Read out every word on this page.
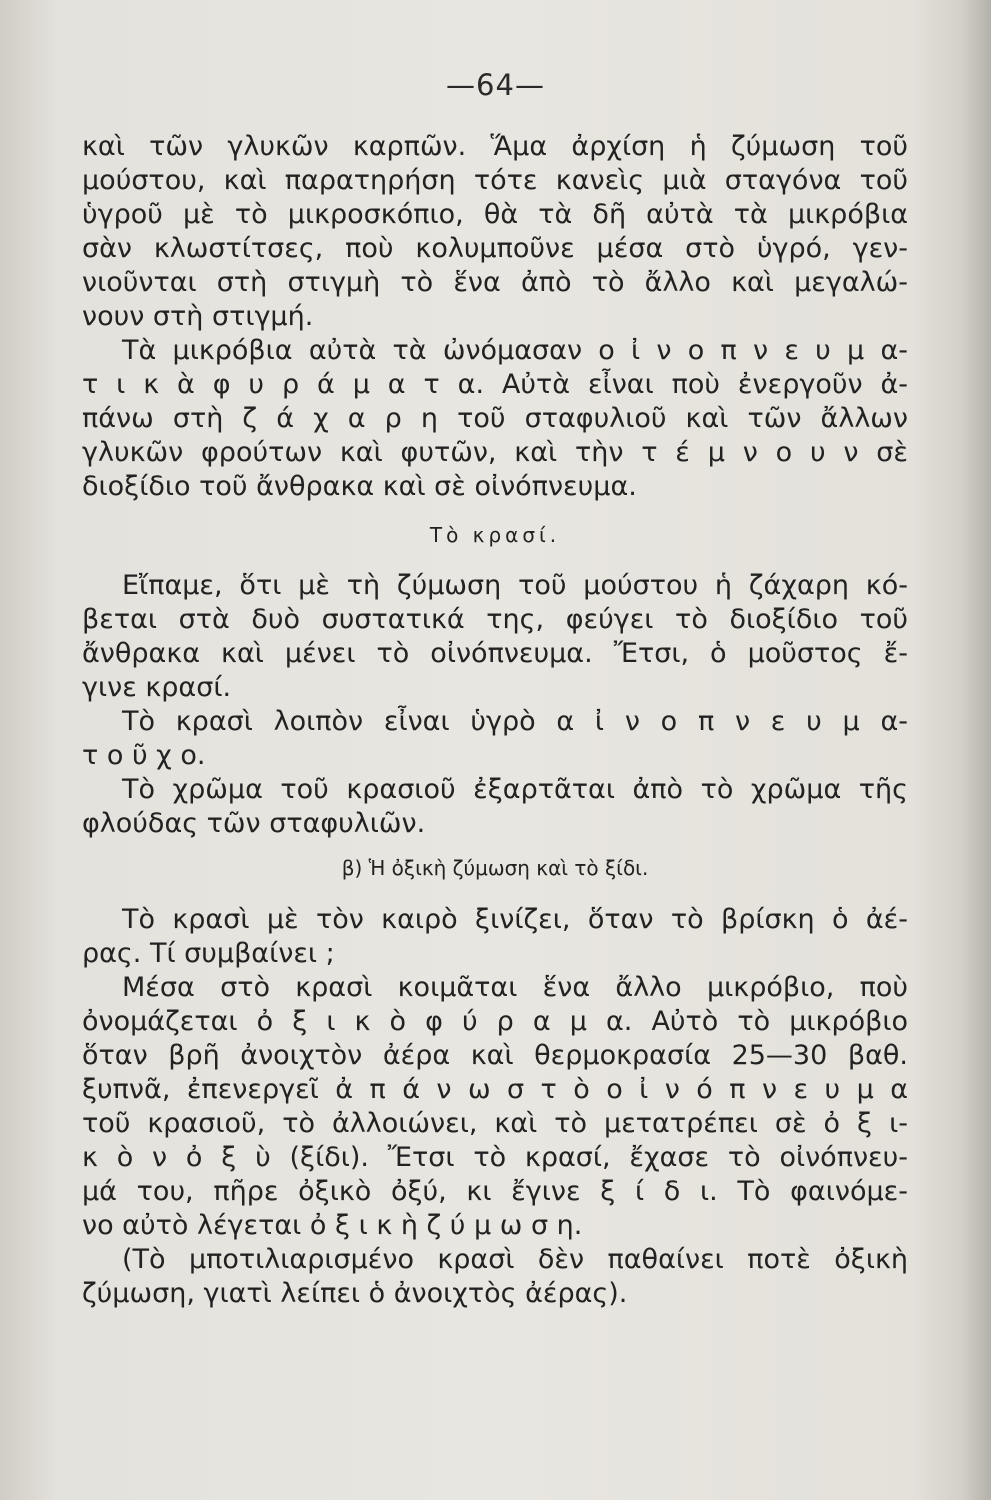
—64—
καὶ τῶν γλυκῶν καρπῶν. Ἅμα ἀρχίση ἡ ζύμωση τοῦ
μούστου, καὶ παρατηρήση τότε κανεὶς μιὰ σταγόνα τοῦ
ὑγροῦ μὲ τὸ μικροσκόπιο, θὰ τὰ δῆ αὐτὰ τὰ μικρόβια
σὰν κλωστίτσες, ποὺ κολυμποῦνε μέσα στὸ ὑγρό, γεν-
νιοῦνται στὴ στιγμὴ τὸ ἕνα ἀπὸ τὸ ἄλλο καὶ μεγαλώ-
νουν στὴ στιγμή.
Τὰ μικρόβια αὐτὰ τὰ ὠνόμασαν ο ἰ ν ο π ν ε υ μ α-
τ ι κ ὰ φ υ ρ ά μ α τ α. Αὐτὰ εἶναι ποὺ ἐνεργοῦν ἀ-
πάνω στὴ ζ ά χ α ρ η τοῦ σταφυλιοῦ καὶ τῶν ἄλλων
γλυκῶν φρούτων καὶ φυτῶν, καὶ τὴν τ έ μ ν ο υ ν σὲ
διοξίδιο τοῦ ἄνθρακα καὶ σὲ οἰνόπνευμα.
Τὸ κρασί.
Εἴπαμε, ὅτι μὲ τὴ ζύμωση τοῦ μούστου ἡ ζάχαρη κό-
βεται στὰ δυὸ συστατικά της, φεύγει τὸ διοξίδιο τοῦ
ἄνθρακα καὶ μένει τὸ οἰνόπνευμα. Ἔτσι, ὁ μοῦστος ἔ-
γινε κρασί.
Τὸ κρασὶ λοιπὸν εἶναι ὑγρὸ α ἰ ν ο π ν ε υ μ α-
τ ο ῦ χ ο.
Τὸ χρῶμα τοῦ κρασιοῦ ἐξαρτᾶται ἀπὸ τὸ χρῶμα τῆς
φλούδας τῶν σταφυλιῶν.
β) Ἡ ὀξικὴ ζύμωση καὶ τὸ ξίδι.
Τὸ κρασὶ μὲ τὸν καιρὸ ξινίζει, ὅταν τὸ βρίσκη ὁ ἀέ-
ρας. Τί συμβαίνει ;
Μέσα στὸ κρασὶ κοιμᾶται ἕνα ἄλλο μικρόβιο, ποὺ
ὀνομάζεται ὀ ξ ι κ ὸ φ ύ ρ α μ α. Αὐτὸ τὸ μικρόβιο
ὅταν βρῆ ἀνοιχτὸν ἀέρα καὶ θερμοκρασία 25—30 βαθ.
ξυπνᾶ, ἐπενεργεῖ ἀ π ά ν ω σ τ ὸ ο ἰ ν ό π ν ε υ μ α
τοῦ κρασιοῦ, τὸ ἀλλοιώνει, καὶ τὸ μετατρέπει σὲ ὀ ξ ι-
κ ὸ ν ὀ ξ ὺ (ξίδι). Ἔτσι τὸ κρασί, ἔχασε τὸ οἰνόπνευ-
μά του, πῆρε ὀξικὸ ὀξύ, κι ἔγινε ξ ί δ ι. Τὸ φαινόμε-
νο αὐτὸ λέγεται ὀ ξ ι κ ὴ ζ ύ μ ω σ η.
(Τὸ μποτιλιαρισμένο κρασὶ δὲν παθαίνει ποτὲ ὀξικὴ
ζύμωση, γιατὶ λείπει ὁ ἀνοιχτὸς ἀέρας).
